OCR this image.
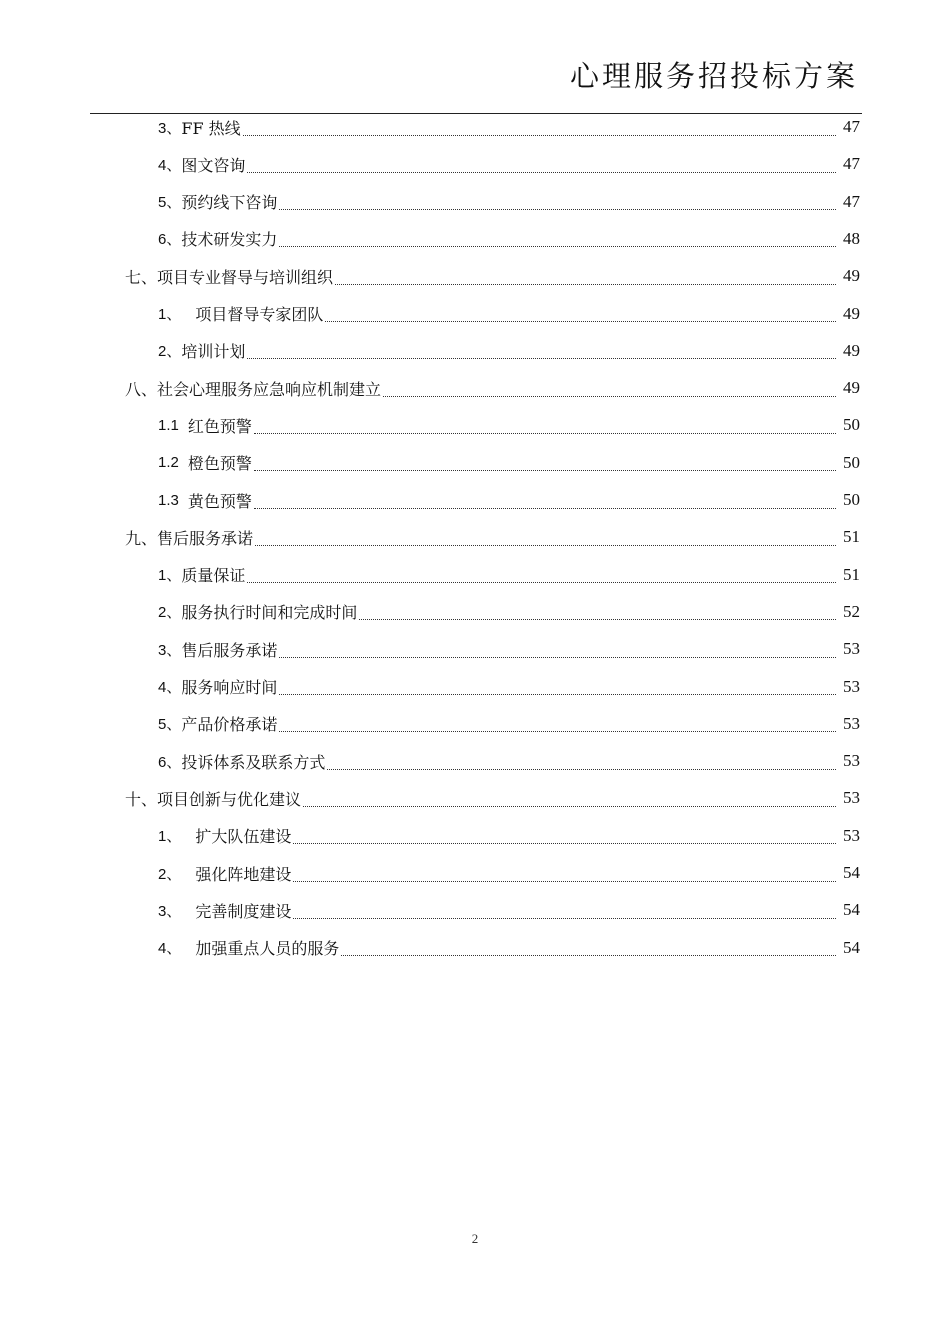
心理服务招投标方案
3、 FF 热线	47
4、 图文咨询	47
5、 预约线下咨询	47
6、 技术研发实力	48
七、 项目专业督导与培训组织	49
1、 项目督导专家团队	49
2、 培训计划	49
八、 社会心理服务应急响应机制建立	49
1.1 红色预警	50
1.2 橙色预警	50
1.3 黄色预警	50
九、 售后服务承诺	51
1、 质量保证	51
2、 服务执行时间和完成时间	52
3、 售后服务承诺	53
4、 服务响应时间	53
5、 产品价格承诺	53
6、 投诉体系及联系方式	53
十、 项目创新与优化建议	53
1、 扩大队伍建设	53
2、 强化阵地建设	54
3、 完善制度建设	54
4、 加强重点人员的服务	54
2
